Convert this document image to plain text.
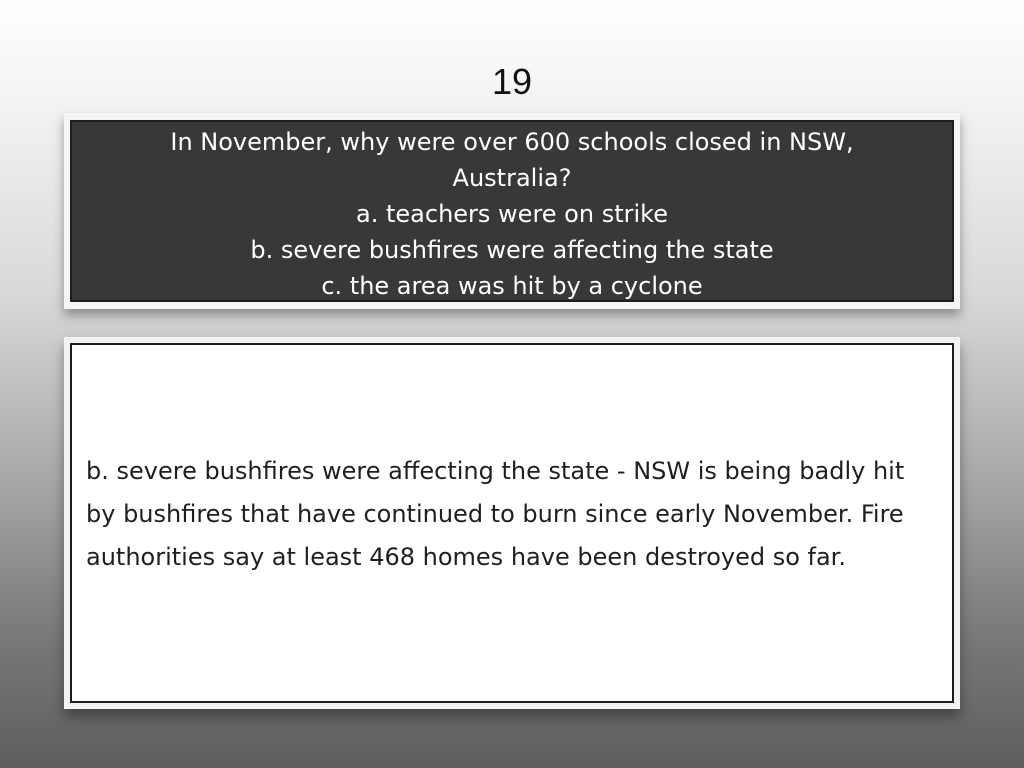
19
In November, why were over 600 schools closed in NSW,
Australia?
a. teachers were on strike
b. severe bushfires were affecting the state
c. the area was hit by a cyclone
b. severe bushfires were affecting the state - NSW is being badly hit by bushfires that have continued to burn since early November. Fire authorities say at least 468 homes have been destroyed so far.
